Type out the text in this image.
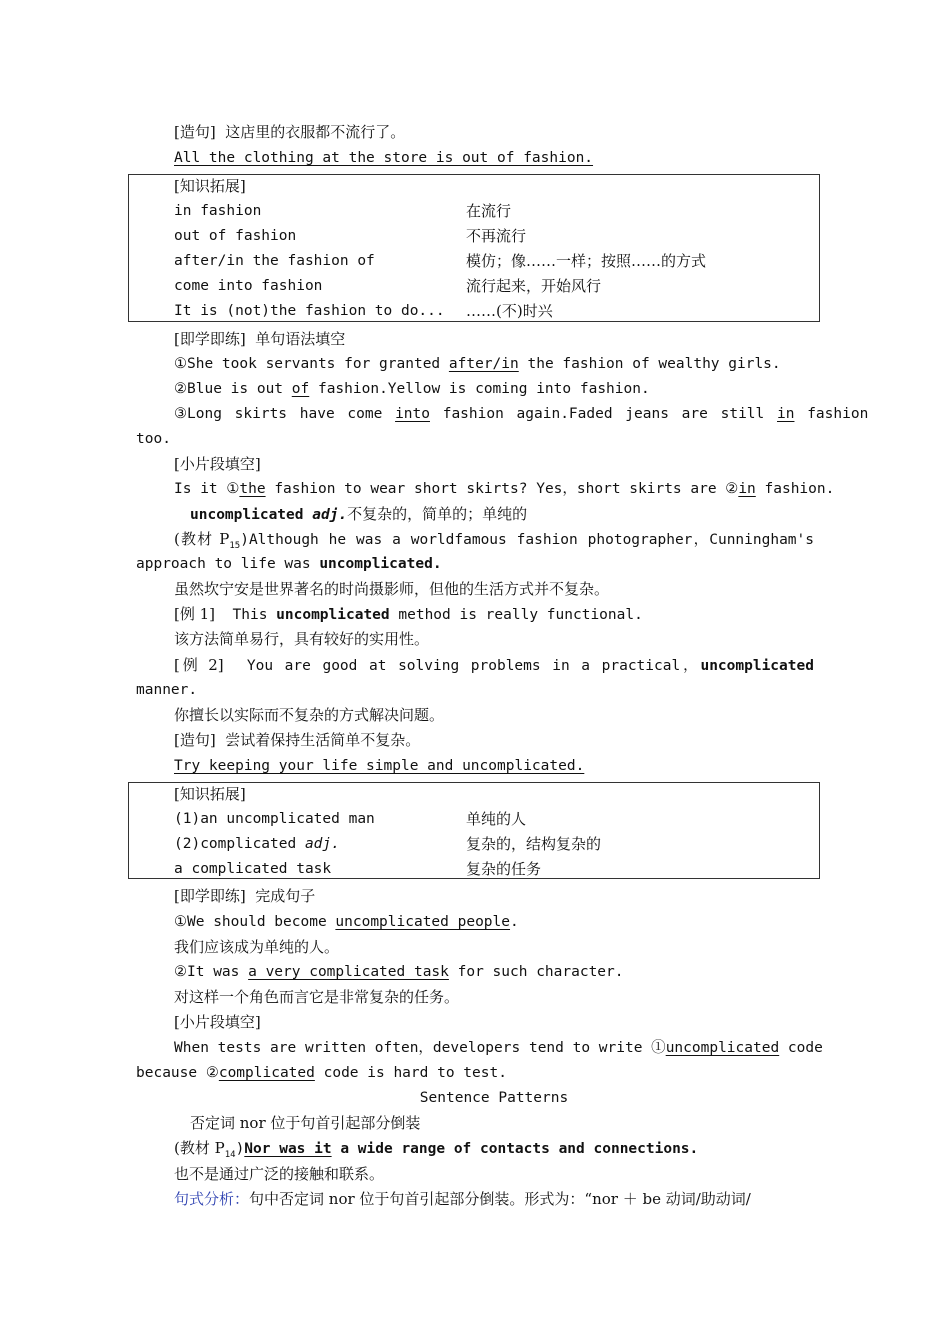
[造句] 这店里的衣服都不流行了。
All the clothing at the store is out of fashion.
[知识拓展]
in fashion	在流行
out of fashion	不再流行
after/in the fashion of	模仿；像……一样；按照……的方式
come into fashion	流行起来，开始风行
It is (not)the fashion to do... ……(不)时兴
[即学即练] 单句语法填空
①She took servants for granted after/in the fashion of wealthy girls.
②Blue is out of fashion.Yellow is coming into fashion.
③Long skirts have come into fashion again.Faded jeans are still in fashion
too.
[小片段填空]
Is it ①the fashion to wear short skirts? Yes，short skirts are ②in fashion.
uncomplicated adj.不复杂的，简单的；单纯的
(教材 $P_{15})Although$ he was a worldfamous fashion photographer，Cunningham's
approach to life was uncomplicated.
虽然坎宁安是世界著名的时尚摄影师，但他的生活方式并不复杂。
[例 1] This uncomplicated method is really functional.
该方法简单易行，具有较好的实用性。
[例 2] You are good at solving problems in a practical，uncomplicated
manner.
你擅长以实际而不复杂的方式解决问题。
[造句] 尝试着保持生活简单不复杂。
Try keeping your life simple and uncomplicated.
[知识拓展]
(1)an uncomplicated man	单纯的人
(2)complicated adj.	复杂的，结构复杂的
a complicated task	复杂的任务
[即学即练] 完成句子
①We should become uncomplicated people.
我们应该成为单纯的人。
②It was a very complicated task for such character.
对这样一个角色而言它是非常复杂的任务。
[小片段填空]
When tests are written often，developers tend to write ①uncomplicated code
because ②complicated code is hard to test.
Sentence Patterns
否定词 nor 位于句首引起部分倒装
(教材 $P_{14})Nor$ was it a wide range of contacts and connections.
也不是通过广泛的接触和联系。
句式分析：句中否定词 nor 位于句首引起部分倒装。形式为：“nor ＋ be 动词/助动词/
